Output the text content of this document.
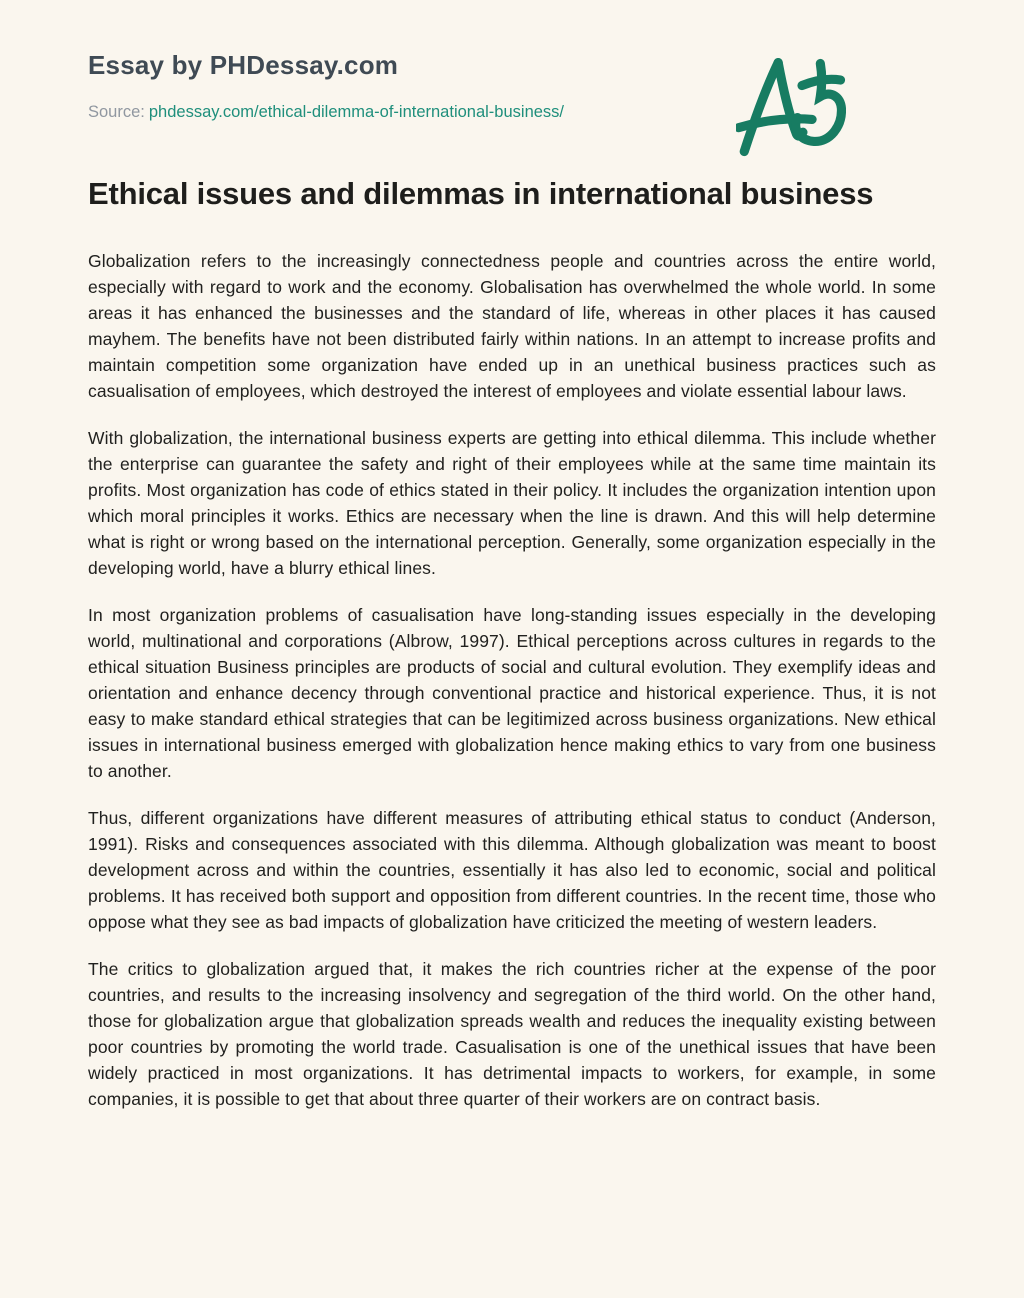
Essay by PHDessay.com
Source: phdessay.com/ethical-dilemma-of-international-business/
Ethical issues and dilemmas in international business

Globalization refers to the increasingly connectedness people and countries across the entire world, especially with regard to work and the economy. Globalisation has overwhelmed the whole world. In some areas it has enhanced the businesses and the standard of life, whereas in other places it has caused mayhem. The benefits have not been distributed fairly within nations. In an attempt to increase profits and maintain competition some organization have ended up in an unethical business practices such as casualisation of employees, which destroyed the interest of employees and violate essential labour laws.

With globalization, the international business experts are getting into ethical dilemma. This include whether the enterprise can guarantee the safety and right of their employees while at the same time maintain its profits. Most organization has code of ethics stated in their policy. It includes the organization intention upon which moral principles it works. Ethics are necessary when the line is drawn. And this will help determine what is right or wrong based on the international perception. Generally, some organization especially in the developing world, have a blurry ethical lines.

In most organization problems of casualisation have long-standing issues especially in the developing world, multinational and corporations (Albrow, 1997). Ethical perceptions across cultures in regards to the ethical situation Business principles are products of social and cultural evolution. They exemplify ideas and orientation and enhance decency through conventional practice and historical experience. Thus, it is not easy to make standard ethical strategies that can be legitimized across business organizations. New ethical issues in international business emerged with globalization hence making ethics to vary from one business to another.

Thus, different organizations have different measures of attributing ethical status to conduct (Anderson, 1991). Risks and consequences associated with this dilemma. Although globalization was meant to boost development across and within the countries, essentially it has also led to economic, social and political problems. It has received both support and opposition from different countries. In the recent time, those who oppose what they see as bad impacts of globalization have criticized the meeting of western leaders.

The critics to globalization argued that, it makes the rich countries richer at the expense of the poor countries, and results to the increasing insolvency and segregation of the third world. On the other hand, those for globalization argue that globalization spreads wealth and reduces the inequality existing between poor countries by promoting the world trade. Casualisation is one of the unethical issues that have been widely practiced in most organizations. It has detrimental impacts to workers, for example, in some companies, it is possible to get that about three quarter of their workers are on contract basis.
